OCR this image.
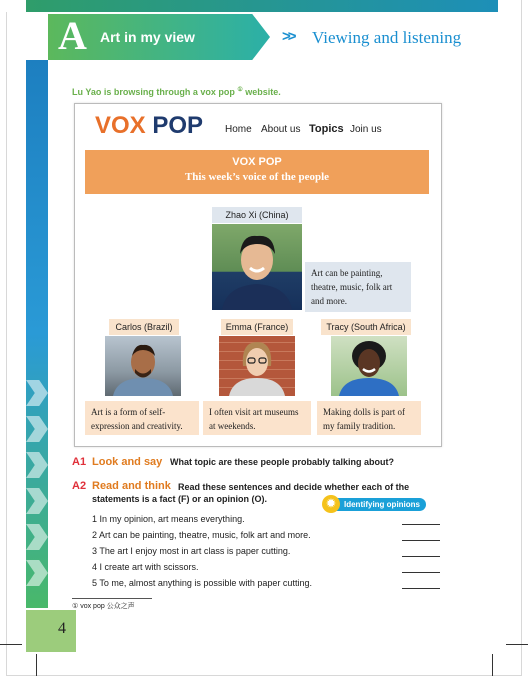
A Art in my view	>> Viewing and listening
Lu Yao is browsing through a vox pop ① website.
VOX POP Home About us Topics Join us
VOX POP
This week’s voice of the people
Zhao Xi (China)
Art can be painting, theatre, music, folk art and more.
Carlos (Brazil)
Art is a form of self-expression and creativity.
Emma (France)
I often visit art museums at weekends.
Tracy (South Africa)
Making dolls is part of my family tradition.
A1 Look and say What topic are these people probably talking about?
A2 Read and think Read these sentences and decide whether each of the
statements is a fact (F) or an opinion (O).	✹	Identifying opinions
1 In my opinion, art means everything.
2 Art can be painting, theatre, music, folk art and more.
3 The art I enjoy most in art class is paper cutting.
4 I create art with scissors.
5 To me, almost anything is possible with paper cutting.
① vox pop 公众之声
4
